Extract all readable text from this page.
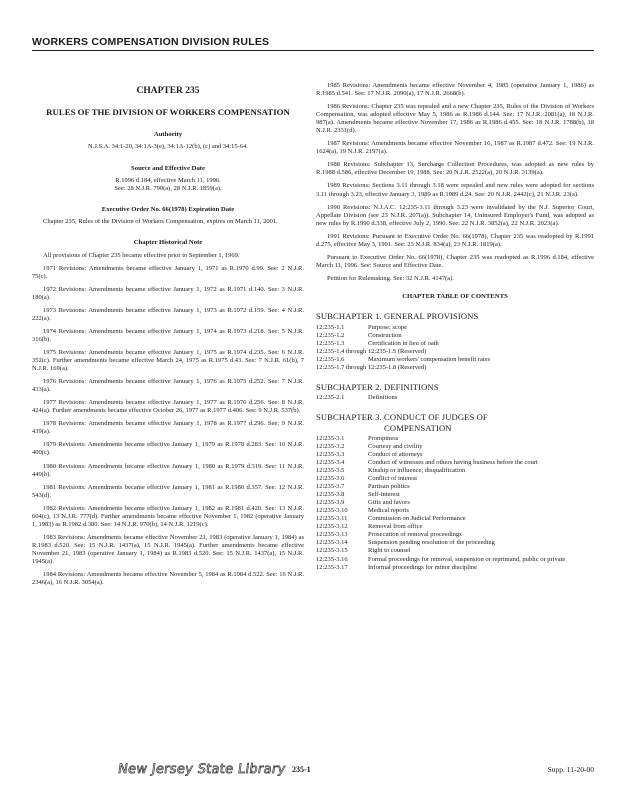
WORKERS COMPENSATION DIVISION RULES
CHAPTER 235
RULES OF THE DIVISION OF WORKERS COMPENSATION
Authority
N.J.S.A. 34:1-20, 34:1A-3(e), 34:1A-12(b), (c) and 34:15-64.
Source and Effective Date
R.1996 d.184, effective March 11, 1996.
See: 28 N.J.R. 790(a), 28 N.J.R. 1859(a).
Executive Order No. 66(1978) Expiration Date

Chapter 235, Rules of the Division of Workers Compensation, expires on March 11, 2001.

Chapter Historical Note

All provisions of Chapter 235 became effective prior to September 1, 1969.

1971 Revisions: Amendments became effective January 1, 1971 as R.1970 d.99. See: 2 N.J.R. 75(c).

1972 Revisions: Amendments became effective January 1, 1972 as R.1971 d.140. See: 3 N.J.R. 180(a).

1973 Revisions: Amendments became effective January 1, 1973 as R.1972 d.159. See: 4 N.J.R. 222(a).

1974 Revisions: Amendments became effective January 1, 1974 as R.1973 d.218. See: 5 N.J.R. 316(b).

1975 Revisions: Amendments became effective January 1, 1975 as R.1974 d.235. See: 6 N.J.R. 352(c). Further amendments became effective March 24, 1975 as R.1975 d.43. See: 7 N.J.R. 61(b), 7 N.J.R. 169(a).

1976 Revisions: Amendments became effective January 1, 1976 as R.1975 d.252. See: 7 N.J.R. 433(a).

1977 Revisions: Amendments became effective January 1, 1977 as R.1976 d.256. See: 8 N.J.R. 424(a). Further amendments became effective October 26, 1977 as R.1977 d.406. See: 9 N.J.R. 537(b).

1978 Revisions: Amendments became effective January 1, 1978 as R.1977 d.296. See: 9 N.J.R. 439(a).

1979 Revisions: Amendments became effective January 1, 1979 as R.1978 d.283. See: 10 N.J.R. 400(c).

1980 Revisions: Amendments became effective January 1, 1980 as R.1979 d.319. See: 11 N.J.R. 449(b).

1981 Revisions: Amendments became effective January 1, 1981 as R.1980 d.357. See: 12 N.J.R. 543(d).

1982 Revisions: Amendments became effective January 1, 1982 as R.1981 d.420. See: 13 N.J.R. 604(c), 13 N.J.R. 777(d). Further amendments became effective November 1, 1982 (operative January 1, 1983) as R.1982 d.380. See: 14 N.J.R. 970(b), 14 N.J.R. 1219(c).

1983 Revisions: Amendments became effective November 21, 1983 (operative January 1, 1984) as R.1983 d.520. See: 15 N.J.R. 1437(a), 15 N.J.R. 1945(a). Further amendments became effective November 21, 1983 (operative January 1, 1984) as R.1983 d.520. See: 15 N.J.R. 1437(a), 15 N.J.R. 1945(a).

1984 Revisions: Amendments became effective November 5, 1984 as R.1984 d.522. See: 16 N.J.R. 2346(a), 16 N.J.R. 3054(a).

1985 Revisions: Amendments became effective November 4, 1985 (operative January 1, 1986) as R.1985 d.541. See: 17 N.J.R. 2090(a), 17 N.J.R. 2668(b).

1986 Revisions: Chapter 235 was repealed and a new Chapter 235, Rules of the Division of Workers Compensation, was adopted effective May 5, 1986 as R.1986 d.144. See: 17 N.J.R. 2081(a), 18 N.J.R. 987(a). Amendments became effective November 17, 1986 as R.1986 d.455. See: 18 N.J.R. 1788(b), 18 N.J.R. 2331(d).

1987 Revisions: Amendments became effective November 16, 1987 as R.1987 d.472. See: 19 N.J.R. 1624(a), 19 N.J.R. 2197(a).

1988 Revisions: Subchapter 13, Surcharge Collection Procedures, was adopted as new rules by R.1988 d.586, effective December 19, 1988. See: 20 N.J.R. 2522(a), 20 N.J.R. 3139(a).

1989 Revisions: Sections 3.11 through 3.18 were repealed and new rules were adopted for sections 3.11 through 3.23, effective January 3, 1989 as R.1989 d.24. See: 20 N.J.R. 2442(c), 21 N.J.R. 23(a).

1990 Revisions: N.J.A.C. 12:235-3.11 through 3.23 were invalidated by the N.J. Superior Court, Appellate Division (see 23 N.J.R. 207(a)). Subchapter 14, Uninsured Employer's Fund, was adopted as new rules by R.1990 d.338, effective July 2, 1990. See: 22 N.J.R. 3852(a), 22 N.J.R. 2023(a).

1991 Revisions: Pursuant to Executive Order No. 66(1978), Chapter 235 was readopted by R.1991 d.275, effective May 3, 1991. See: 23 N.J.R. 834(a), 23 N.J.R. 1819(a).

Pursuant to Executive Order No. 66(1978), Chapter 235 was readopted as R.1996 d.184, effective March 11, 1996. See: Source and Effective Date.

Petition for Rulemaking. See: 32 N.J.R. 4147(a).

CHAPTER TABLE OF CONTENTS
SUBCHAPTER 1. GENERAL PROVISIONS
12:235-1.1	Purpose; scope
12:235-1.2	Construction
12:235-1.3	Certification in lieu of oath
12:235-1.4 through 12:235-1.5 (Reserved)
12:235-1.6	Maximum workers' compensation benefit rates
12:235-1.7 through 12:235-1.8 (Reserved)
SUBCHAPTER 2. DEFINITIONS
12:235-2.1	Definitions
SUBCHAPTER 3. CONDUCT OF JUDGES OF
COMPENSATION
12:235-3.1	Promptness
12:235-3.2	Courtesy and civility
12:235-3.3	Conduct of attorneys
12:235-3.4	Conduct of witnesses and others having business before the court
12:235-3.5	Kinship or influence; disqualification
12:235-3.6	Conflict of interest
12:235-3.7	Partisan politics
12:235-3.8	Self-interest
12:235-3.9	Gifts and favors
12:235-3.10	Medical reports
12:235-3.11	Commission on Judicial Performance
12:235-3.12	Removal from office
12:235-3.13	Prosecution of removal proceedings
12:235-3.14	Suspension pending resolution of the proceeding
12:235-3.15	Right to counsel
12:235-3.16	Formal proceedings for removal, suspension or reprimand, public or private
12:235-3.17	Informal proceedings for minor discipline
New Jersey State Library 235-1	Supp. 11-20-00
